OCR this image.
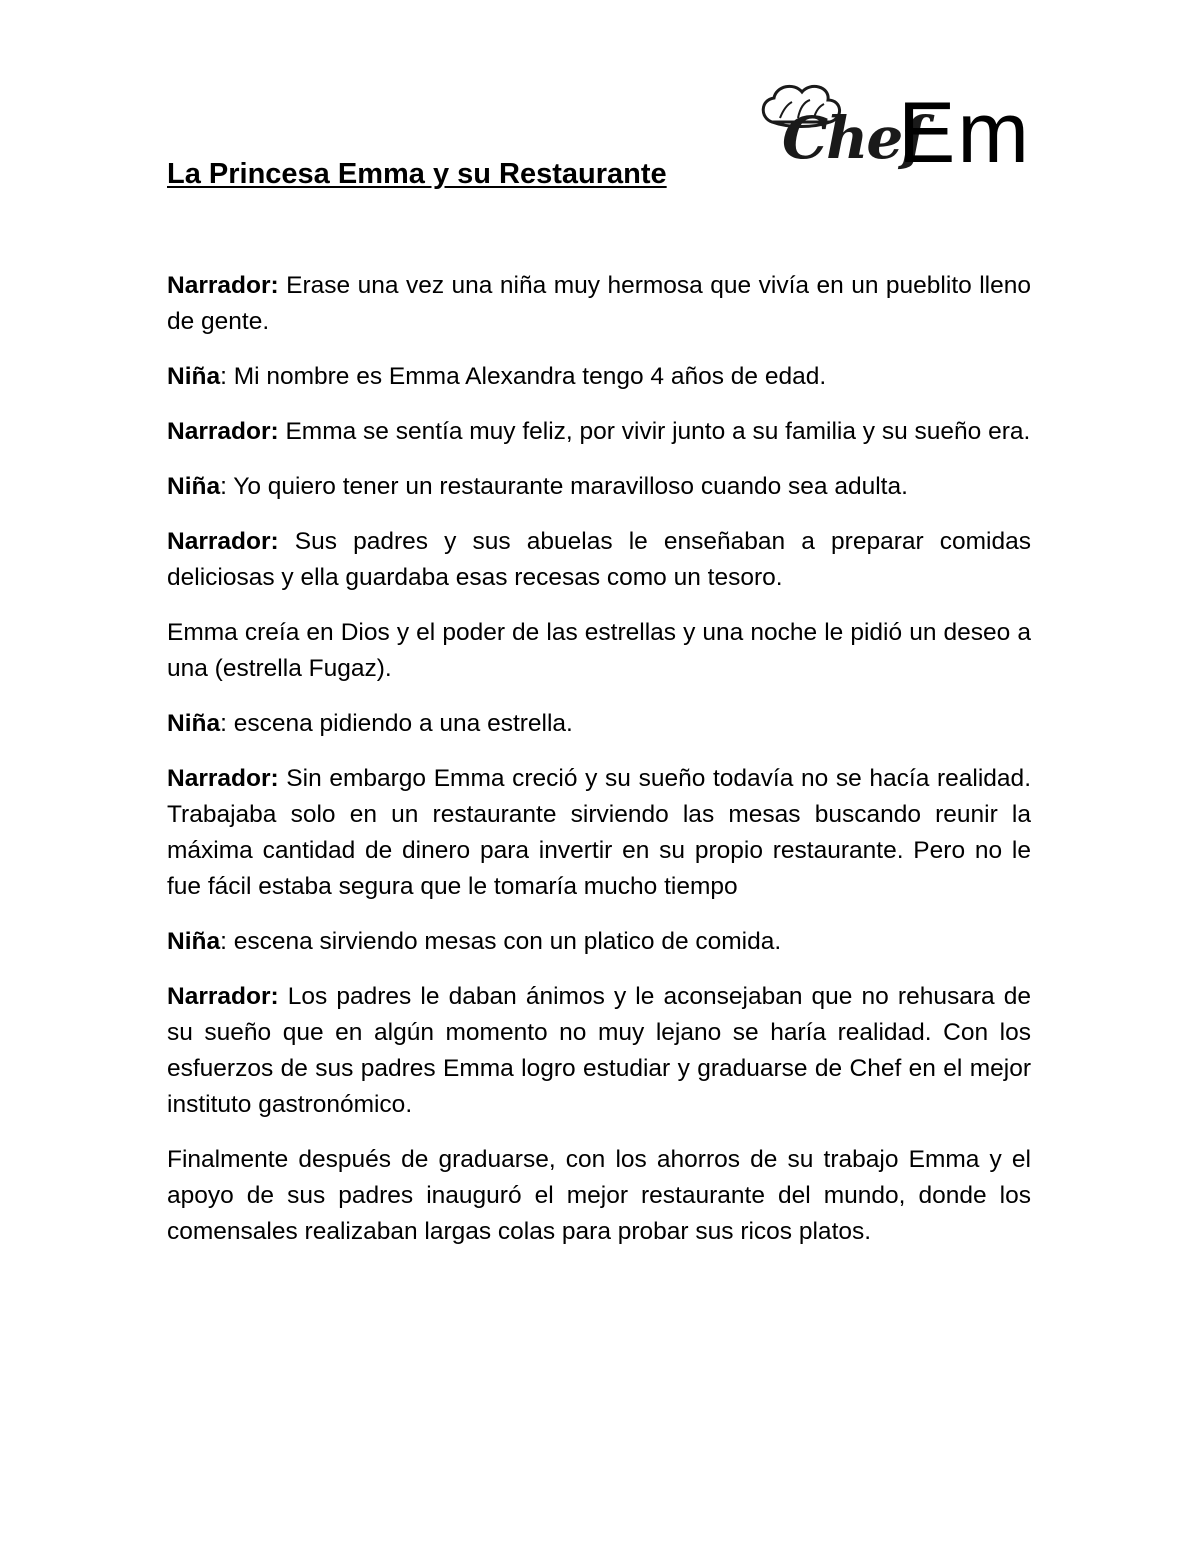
Chef
Em
La Princesa Emma y su Restaurante

Narrador: Erase una vez una niña muy hermosa que vivía en un pueblito lleno de gente.

Niña: Mi nombre es Emma Alexandra tengo 4 años de edad.

Narrador: Emma se sentía muy feliz, por vivir junto a su familia y su sueño era.

Niña: Yo quiero tener un restaurante maravilloso cuando sea adulta.

Narrador: Sus padres y sus abuelas le enseñaban a preparar comidas deliciosas y ella guardaba esas recesas como un tesoro.

Emma creía en Dios y el poder de las estrellas y una noche le pidió un deseo a una (estrella Fugaz).

Niña: escena pidiendo a una estrella.

Narrador: Sin embargo Emma creció y su sueño todavía no se hacía realidad. Trabajaba solo en un restaurante sirviendo las mesas buscando reunir la máxima cantidad de dinero para invertir en su propio restaurante. Pero no le fue fácil estaba segura que le tomaría mucho tiempo

Niña: escena sirviendo mesas con un platico de comida.

Narrador: Los padres le daban ánimos y le aconsejaban que no rehusara de su sueño que en algún momento no muy lejano se haría realidad. Con los esfuerzos de sus padres Emma logro estudiar y graduarse de Chef en el mejor instituto gastronómico.

Finalmente después de graduarse, con los ahorros de su trabajo Emma y el apoyo de sus padres inauguró el mejor restaurante del mundo, donde los comensales realizaban largas colas para probar sus ricos platos.
